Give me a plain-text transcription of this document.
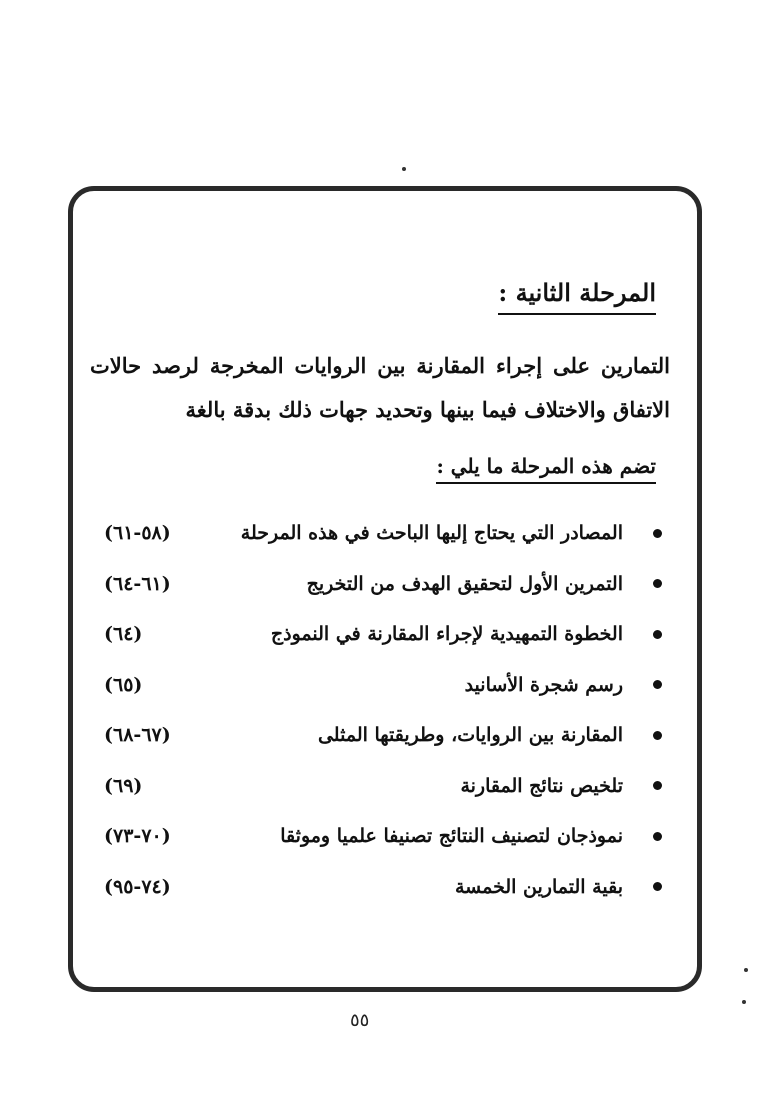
المرحلة الثانية :
التمارين على إجراء المقارنة بين الروايات المخرجة لرصد حالات الاتفاق والاختلاف فيما بينها وتحديد جهات ذلك بدقة بالغة
تضم هذه المرحلة ما يلي :
المصادر التي يحتاج إليها الباحث في هذه المرحلة
(٥٨-٦١)
التمرين الأول لتحقيق الهدف من التخريج
(٦١-٦٤)
الخطوة التمهيدية لإجراء المقارنة في النموذج
(٦٤)
رسم شجرة الأسانيد
(٦٥)
المقارنة بين الروايات، وطريقتها المثلى
(٦٧-٦٨)
تلخيص نتائج المقارنة
(٦٩)
نموذجان لتصنيف النتائج تصنيفا علميا وموثقا
(٧٠-٧٣)
بقية التمارين الخمسة
(٧٤-٩٥)
٥٥
